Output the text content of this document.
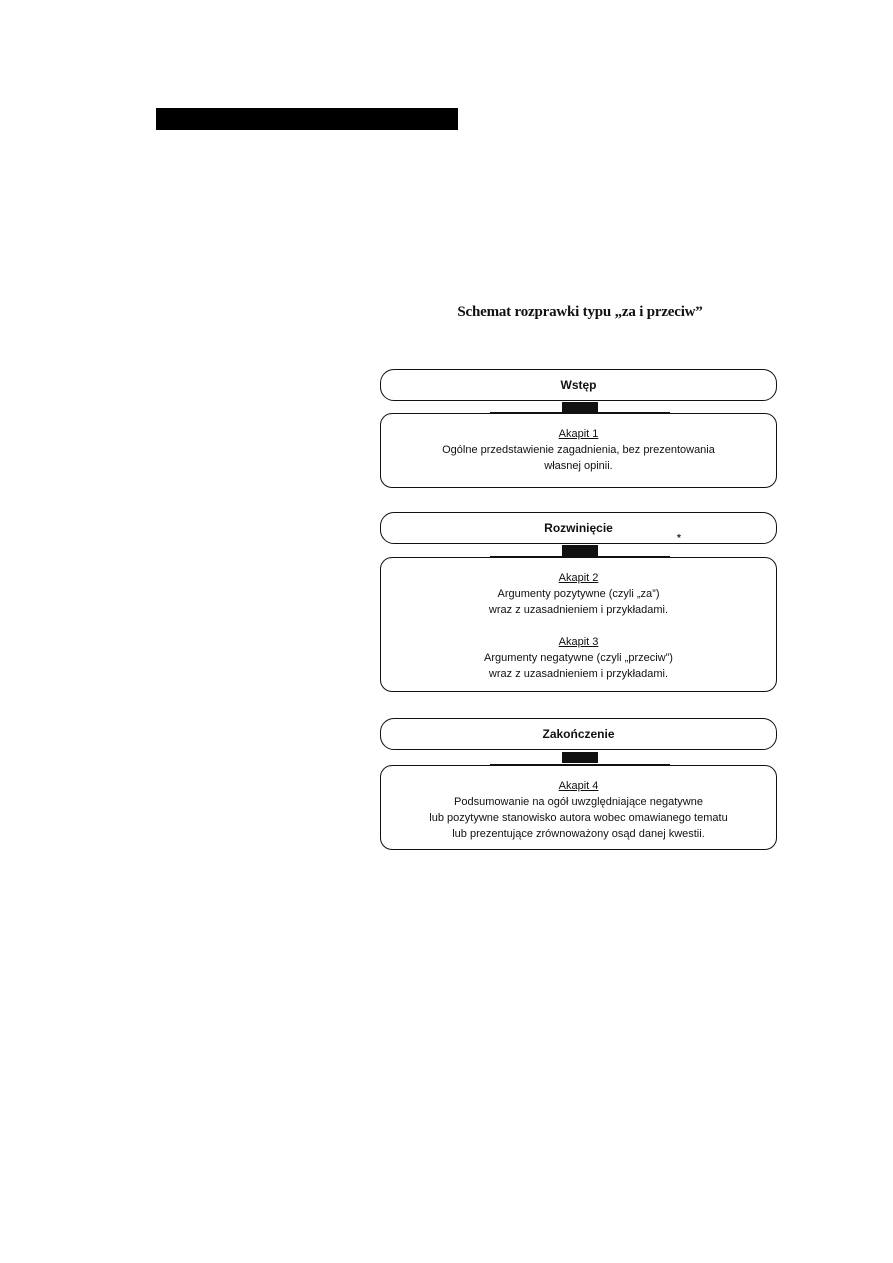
Schemat rozprawki typu „za i przeciw”
Wstęp
Akapit 1
Ogólne przedstawienie zagadnienia, bez prezentowania
własnej opinii.
Rozwinięcie
*
Akapit 2
Argumenty pozytywne (czyli „za”)
wraz z uzasadnieniem i przykładami.
Akapit 3
Argumenty negatywne (czyli „przeciw”)
wraz z uzasadnieniem i przykładami.
Zakończenie
Akapit 4
Podsumowanie na ogół uwzględniające negatywne
lub pozytywne stanowisko autora wobec omawianego tematu
lub prezentujące zrównoważony osąd danej kwestii.
